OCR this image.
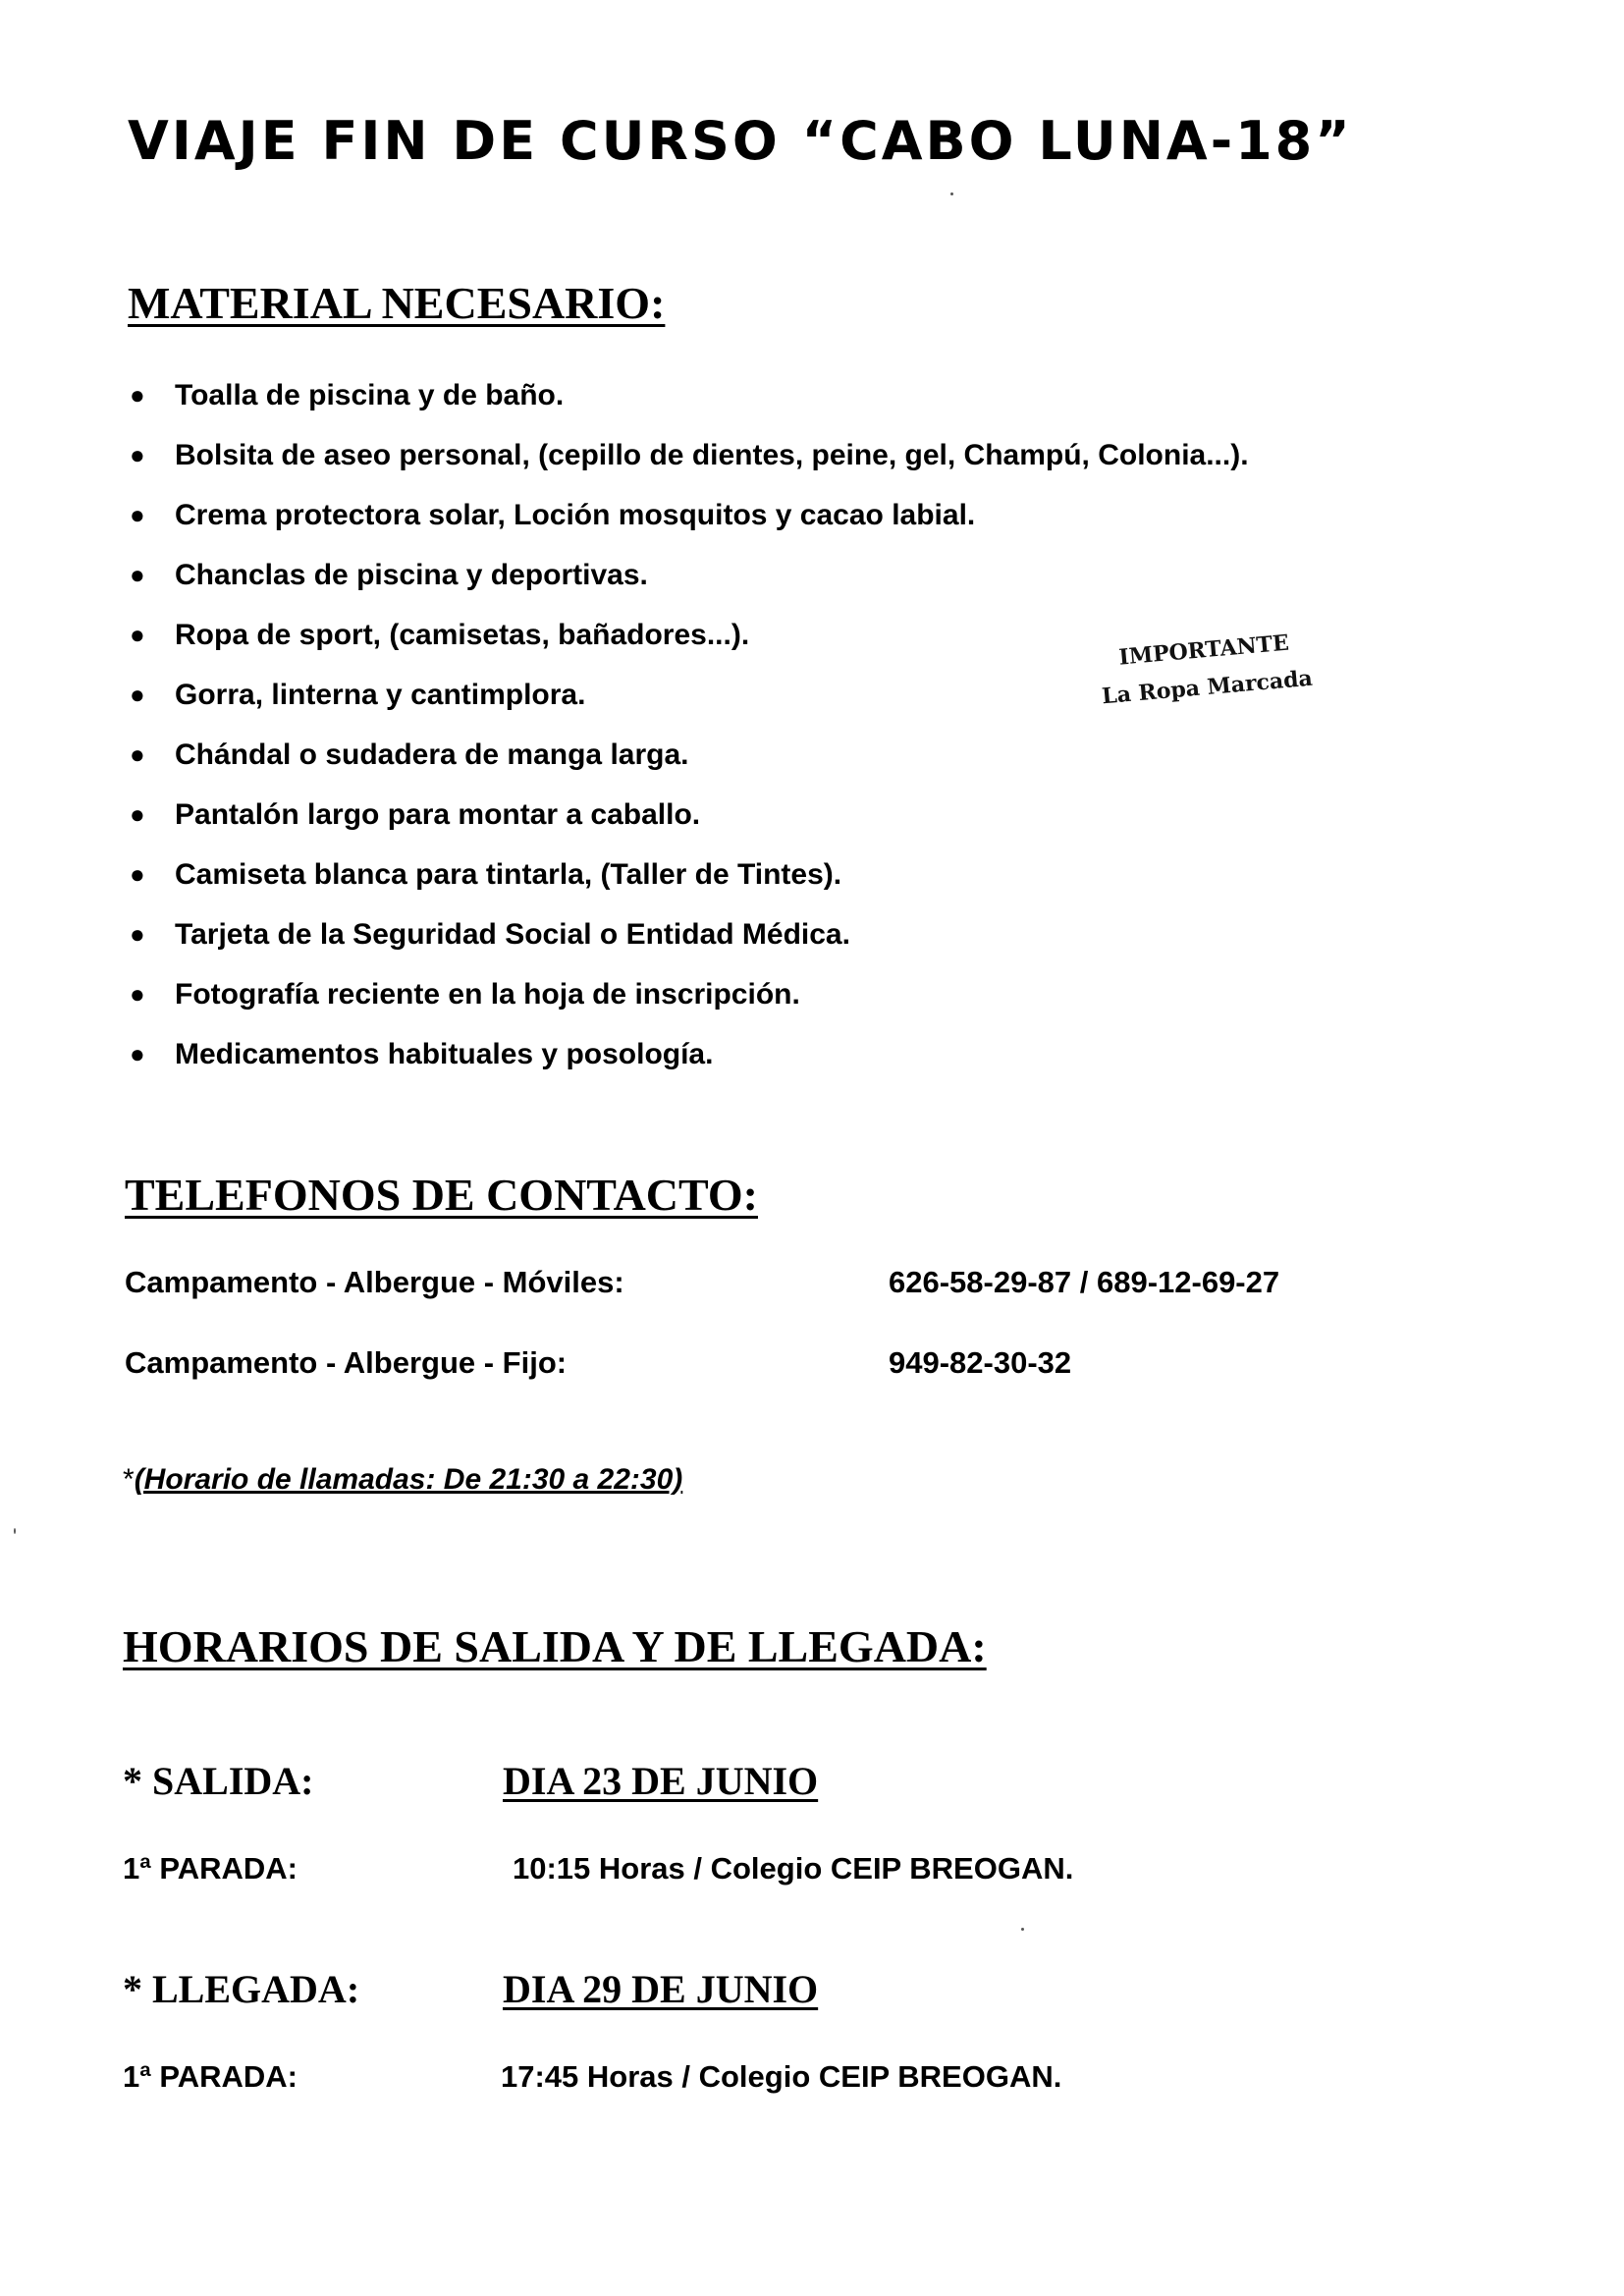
VIAJE FIN DE CURSO “CABO LUNA-18”
MATERIAL NECESARIO:
● Toalla de piscina y de baño.
● Bolsita de aseo personal, (cepillo de dientes, peine, gel, Champú, Colonia...).
● Crema protectora solar, Loción mosquitos y cacao labial.
● Chanclas de piscina y deportivas.
● Ropa de sport, (camisetas, bañadores...).
● Gorra, linterna y cantimplora.
● Chándal o sudadera de manga larga.
● Pantalón largo para montar a caballo.
● Camiseta blanca para tintarla, (Taller de Tintes).
● Tarjeta de la Seguridad Social o Entidad Médica.
● Fotografía reciente en la hoja de inscripción.
● Medicamentos habituales y posología.
IMPORTANTE
La Ropa Marcada
TELEFONOS DE CONTACTO:
Campamento - Albergue - Móviles:	626-58-29-87 / 689-12-69-27
Campamento - Albergue - Fijo:	949-82-30-32
*(Horario de llamadas: De 21:30 a 22:30)
HORARIOS DE SALIDA Y DE LLEGADA:
* SALIDA:	DIA 23 DE JUNIO
1ª PARADA:	10:15 Horas / Colegio CEIP BREOGAN.
* LLEGADA:	DIA 29 DE JUNIO
1ª PARADA:	17:45 Horas / Colegio CEIP BREOGAN.
